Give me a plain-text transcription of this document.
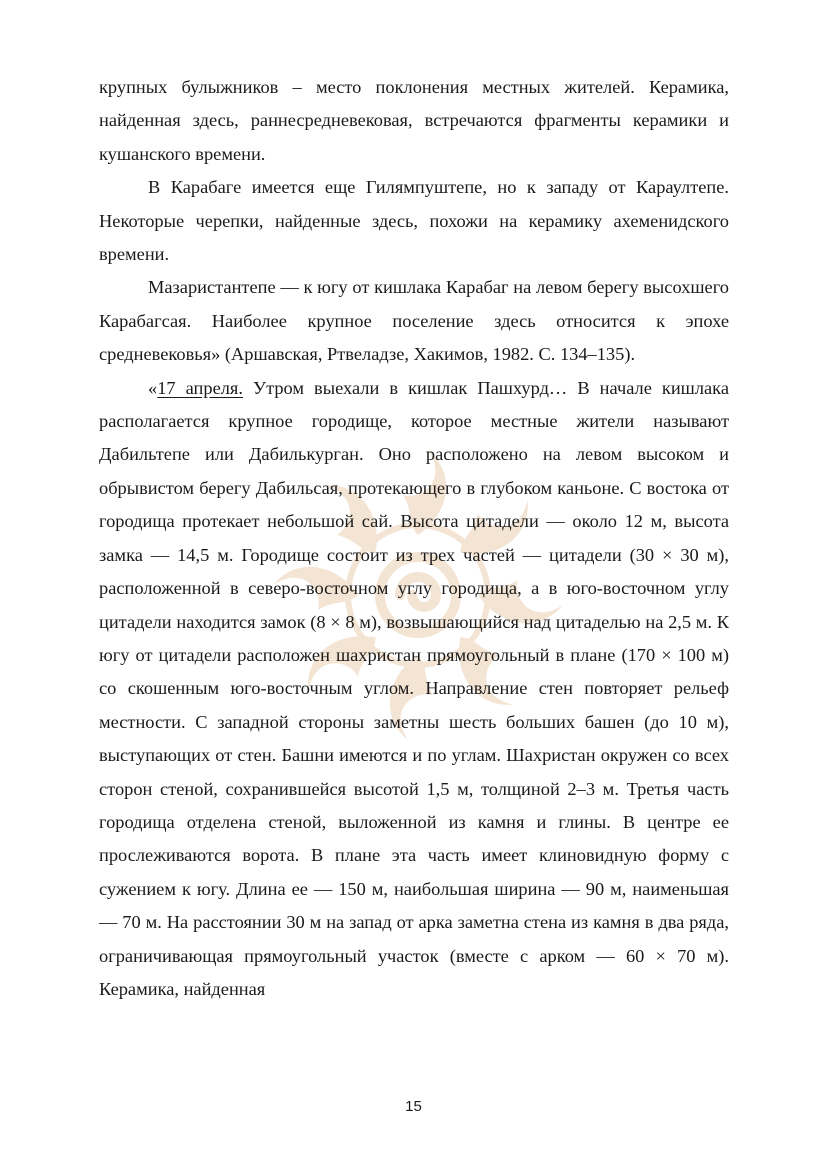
крупных булыжников – место поклонения местных жителей. Керамика, найденная здесь, раннесредневековая, встречаются фрагменты керамики и кушанского времени.

В Карабаге имеется еще Гилямпуштепе, но к западу от Караултепе. Некоторые черепки, найденные здесь, похожи на керамику ахеменидского времени.

Мазаристантепе — к югу от кишлака Карабаг на левом берегу высохшего Карабагсая. Наиболее крупное поселение здесь относится к эпохе средневековья» (Аршавская, Ртвеладзе, Хакимов, 1982. С. 134–135).

«17 апреля. Утром выехали в кишлак Пашхурд… В начале кишлака располагается крупное городище, которое местные жители называют Дабильтепе или Дабилькурган. Оно расположено на левом высоком и обрывистом берегу Дабильсая, протекающего в глубоком каньоне. С востока от городища протекает небольшой сай. Высота цитадели — около 12 м, высота замка — 14,5 м. Городище состоит из трех частей — цитадели (30 × 30 м), расположенной в северо-восточном углу городища, а в юго-восточном углу цитадели находится замок (8 × 8 м), возвышающийся над цитаделью на 2,5 м. К югу от цитадели расположен шахристан прямоугольный в плане (170 × 100 м) со скошенным юго-восточным углом. Направление стен повторяет рельеф местности. С западной стороны заметны шесть больших башен (до 10 м), выступающих от стен. Башни имеются и по углам. Шахристан окружен со всех сторон стеной, сохранившейся высотой 1,5 м, толщиной 2–3 м. Третья часть городища отделена стеной, выложенной из камня и глины. В центре ее прослеживаются ворота. В плане эта часть имеет клиновидную форму с сужением к югу. Длина ее — 150 м, наибольшая ширина — 90 м, наименьшая — 70 м. На расстоянии 30 м на запад от арка заметна стена из камня в два ряда, ограничивающая прямоугольный участок (вместе с арком — 60 × 70 м). Керамика, найденная

15
